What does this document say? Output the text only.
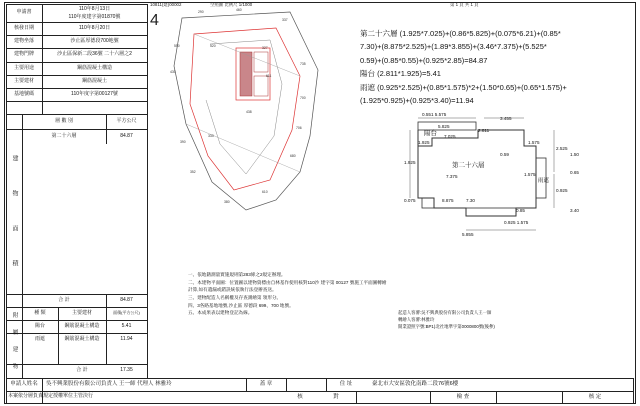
10811(建)00002	空照圖 比例尺 1/1000	第 1 頁 共 1 頁
申請書
110年8月13日
110年度建字第01870號
核發日期	110年8月20日
建物坐落	沙止區厚德段700地號
建物門牌	沙止區保新二段36號 二十六層之2
主要用途	鋼筋混凝土構造
主要建材	鋼筋混凝土
基地號碼	110年度字第00127號
層 數 別	平方公尺
第二十六層	84.87
建
物
面
積
合 計	84.87
種 類	主要建材	面積(平方公尺)
陽台	鋼筋混凝土構造	5.41
雨遮	鋼筋混凝土構造	11.94
合 計	17.35
附
屬
建
物
4	290	460
337
550
430
520	327
735
700
706
680
610
380
352
390
438
611
333
第二十六層 (1.925*7.025)+(0.86*5.825)+(0.075*6.21)+(0.85*
7.30)+(8.875*2.525)+(1.89*3.855)+(3.46*7.375)+(5.525*
0.59)+(0.85*0.55)+(0.925*2.85)=84.87
陽台 (2.811*1.925)=5.41
雨遮 (0.925*2.525)+(0.85*1.575)*2+(1.50*0.65)+(0.65*1.575)+
(1.925*0.925)+(0.925*3.40)=11.94
陽台
第二十六層
雨遮
0.551 5.575
5.825
1.925
7.025
3.455
2.811
1.575
7.375	1.575
1.925
0.075	8.875	7.30
5.855
0.925 1.575
2.525
0.925
0.65
1.50
3.40
0.59
0.85
一、依地籍測量實施規則第283條之2規定辦理。
二、本建物平面圖：位置圖以建物資標由自林基作使用核對110沙 建字第 00127 號施工平面圖轉繪計算,如有遺漏或錯誤統依執行法登辦查送。
三、建物配造人名稱權及存查測繪第 領形分。
四、3各路基地地號,沙止區 厚德段 699、700 地號。
五、本成果表以建物登記為線。	起造人客審:吳不興典股份有限公司負責人王一師
轉繪人客審:林雅玲
開業證照字號:BP1)北社地準字第0000800號(後參)
申請人姓名	吳不興業股份有限公司負責人 王一師 代理人 林雅玲	蓋 章	住 址	臺北市大安區敦化南路二段76號6樓
本案依分層負責規定授權單位主管決行	核	對	檢 查	核 定
